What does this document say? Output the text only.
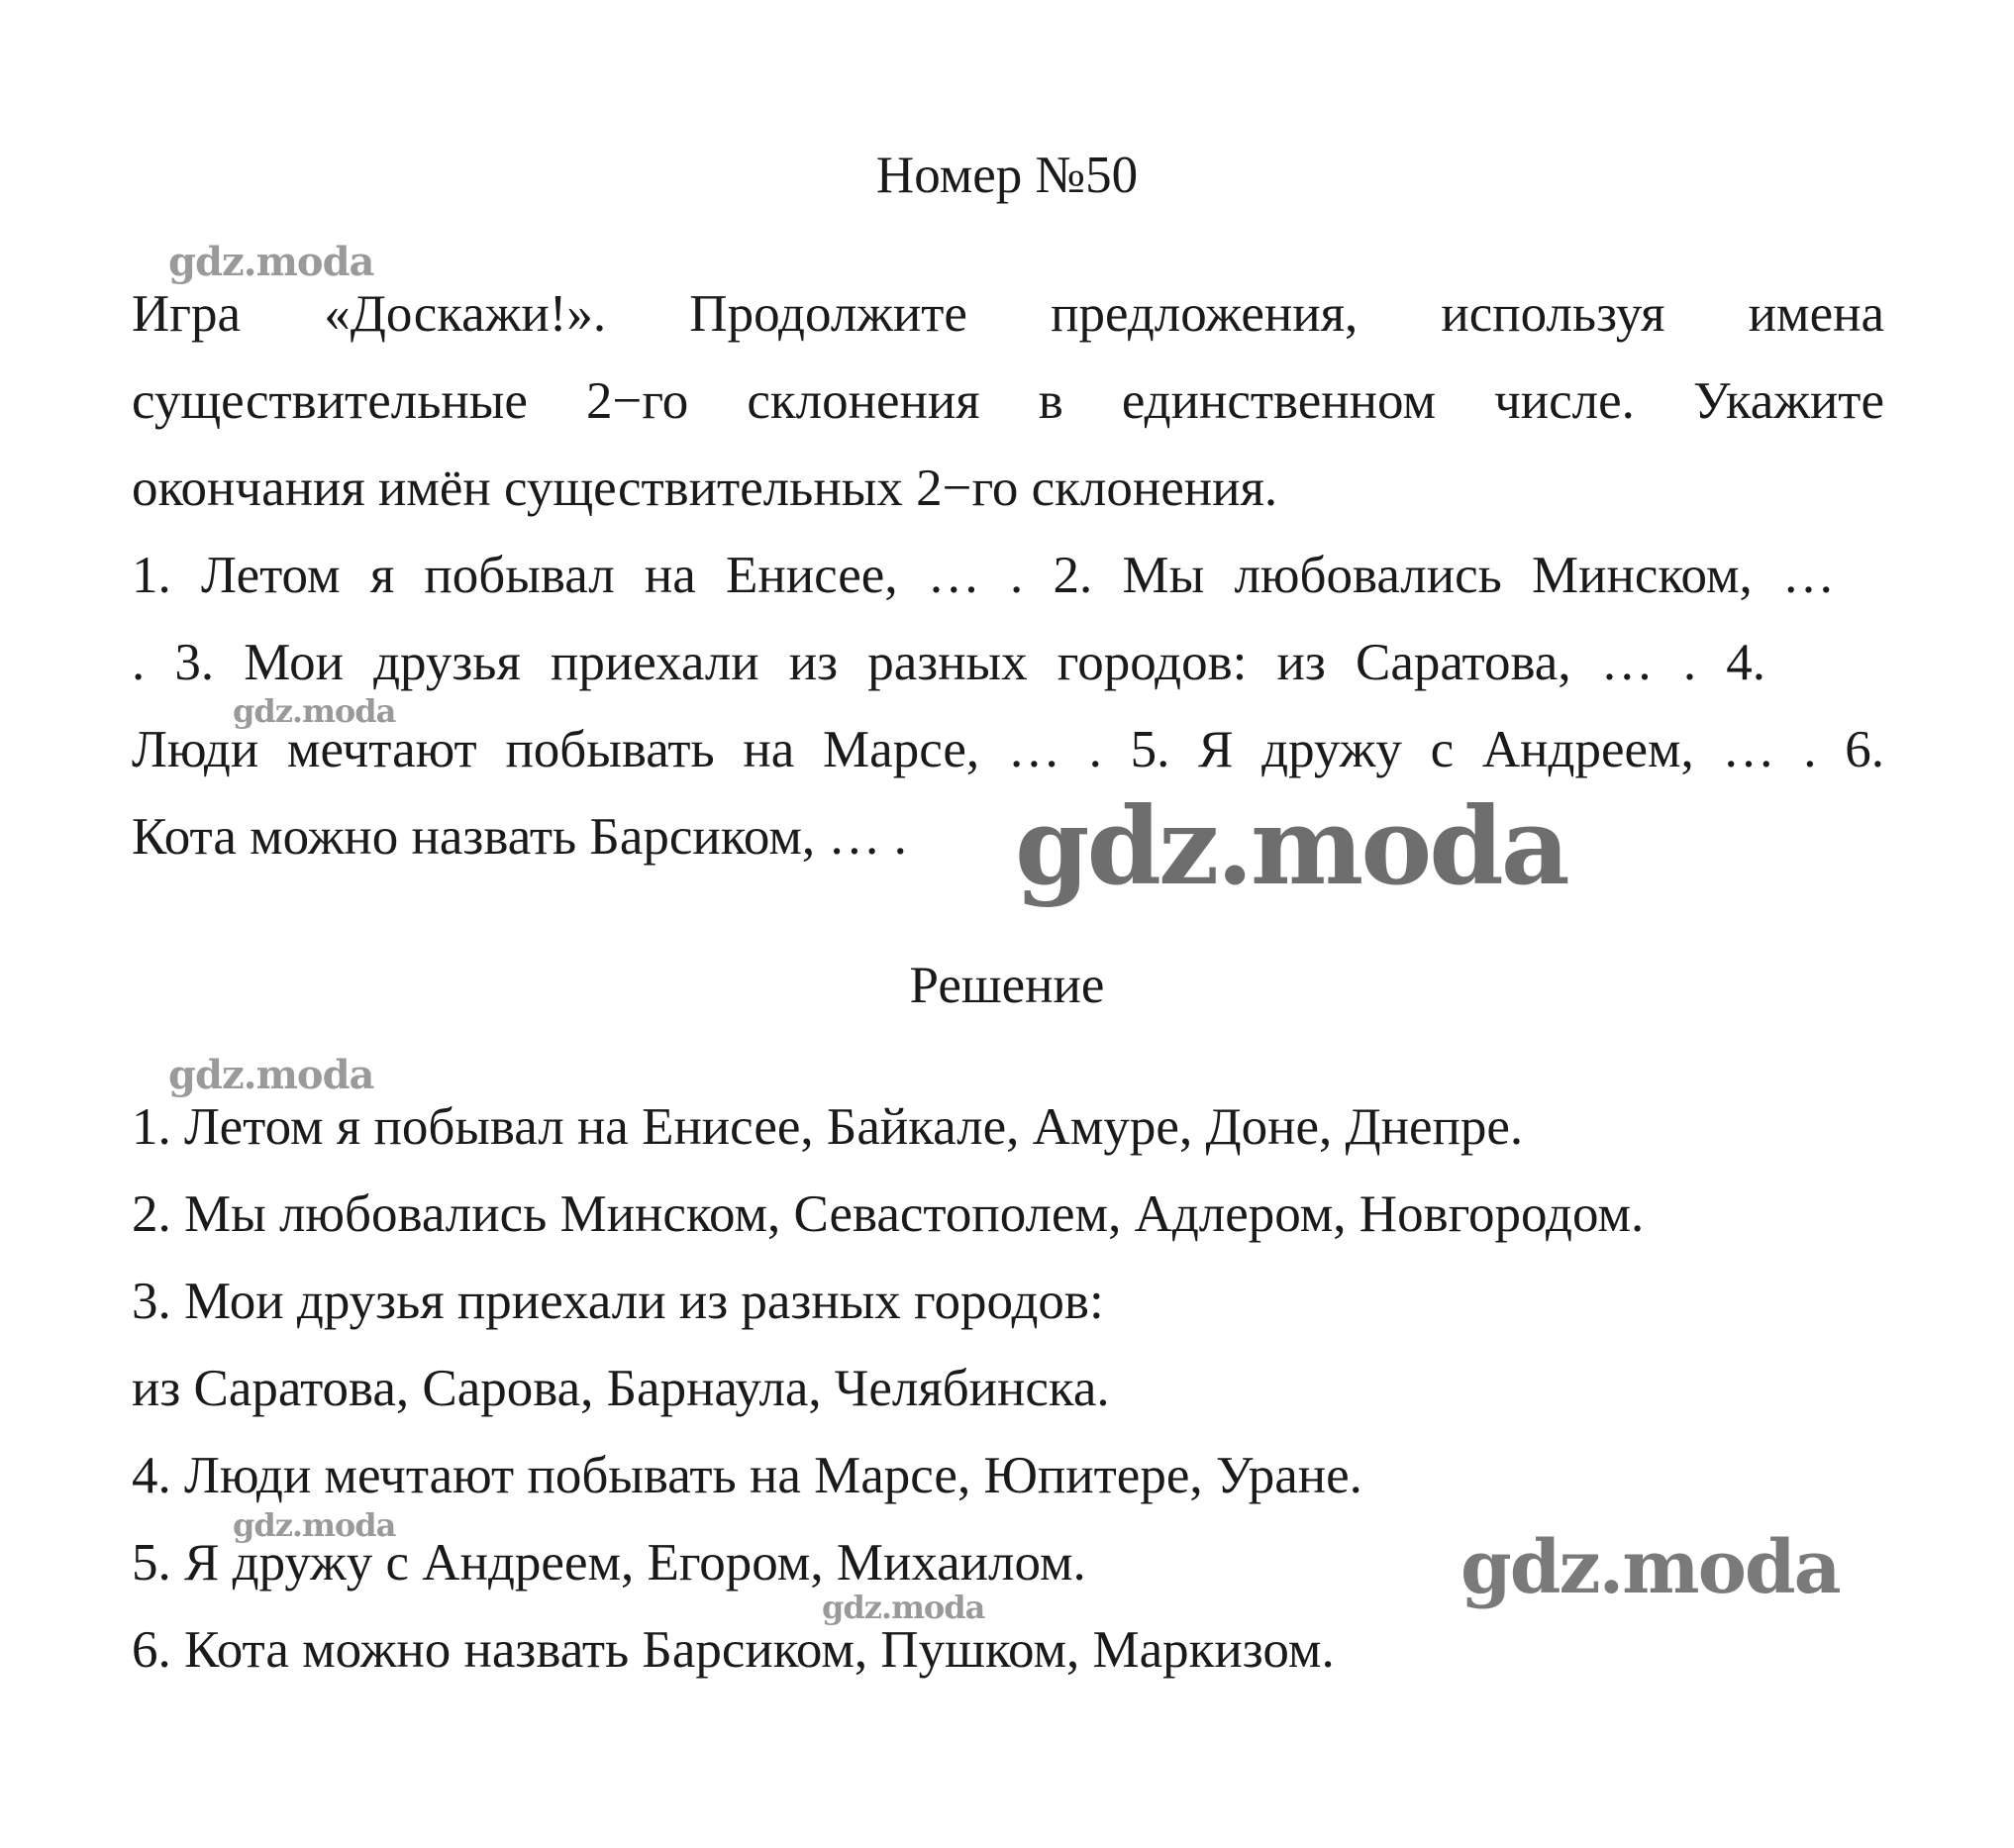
Номер №50
Игра «Доскажи!». Продолжите предложения, используя имена
существительные 2−го склонения в единственном числе. Укажите
окончания имён существительных 2−го склонения.
1. Летом я побывал на Енисее, … . 2. Мы любовались Минском, …
. 3. Мои друзья приехали из разных городов: из Саратова, … . 4.
Люди мечтают побывать на Марсе, … . 5. Я дружу с Андреем, … . 6.
Кота можно назвать Барсиком, … .
Решение
1. Летом я побывал на Енисее, Байкале, Амуре, Доне, Днепре.
2. Мы любовались Минском, Севастополем, Адлером, Новгородом.
3. Мои друзья приехали из разных городов:
из Саратова, Сарова, Барнаула, Челябинска.
4. Люди мечтают побывать на Марсе, Юпитере, Уране.
5. Я дружу с Андреем, Егором, Михаилом.
6. Кота можно назвать Барсиком, Пушком, Маркизом.
gdz.moda
gdz.moda
gdz.moda
gdz.moda
gdz.moda	gdz.moda
gdz.moda
